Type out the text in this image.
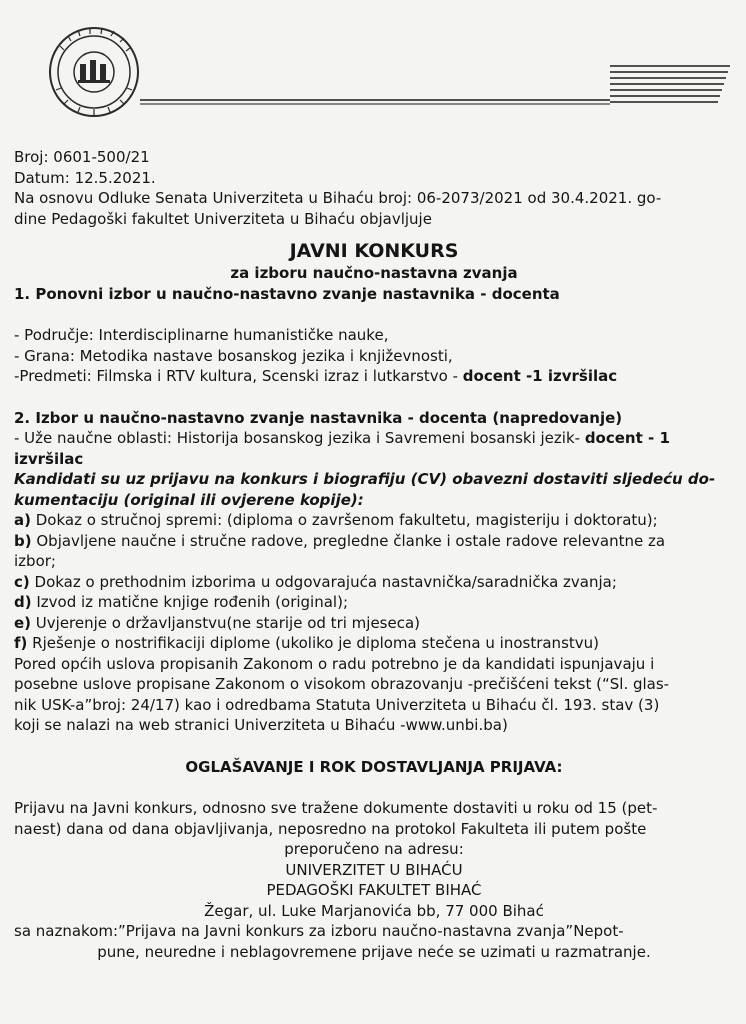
Broj: 0601-500/21
Datum: 12.5.2021.
Na osnovu Odluke Senata Univerziteta u Bihaću broj: 06-2073/2021 od 30.4.2021. go-
dine Pedagoški fakultet Univerziteta u Bihaću objavljuje
JAVNI KONKURS
za izboru naučno-nastavna zvanja
1. Ponovni izbor u naučno-nastavno zvanje nastavnika - docenta
- Područje: Interdisciplinarne humanističke nauke,
- Grana: Metodika nastave bosanskog jezika i književnosti,
-Predmeti: Filmska i RTV kultura, Scenski izraz i lutkarstvo - docent -1 izvršilac
2. Izbor u naučno-nastavno zvanje nastavnika - docenta (napredovanje)
- Uže naučne oblasti: Historija bosanskog jezika i Savremeni bosanski jezik- docent - 1
izvršilac
Kandidati su uz prijavu na konkurs i biografiju (CV) obavezni dostaviti sljedeću do-
kumentaciju (original ili ovjerene kopije):
a) Dokaz o stručnoj spremi: (diploma o završenom fakultetu, magisteriju i doktoratu);
b) Objavljene naučne i stručne radove, pregledne članke i ostale radove relevantne za
izbor;
c) Dokaz o prethodnim izborima u odgovarajuća nastavnička/saradnička zvanja;
d) Izvod iz matične knjige rođenih (original);
e) Uvjerenje o državljanstvu(ne starije od tri mjeseca)
f) Rješenje o nostrifikaciji diplome (ukoliko je diploma stečena u inostranstvu)
Pored općih uslova propisanih Zakonom o radu potrebno je da kandidati ispunjavaju i
posebne uslove propisane Zakonom o visokom obrazovanju -prečišćeni tekst (“Sl. glas-
nik USK-a”broj: 24/17) kao i odredbama Statuta Univerziteta u Bihaću čl. 193. stav (3)
koji se nalazi na web stranici Univerziteta u Bihaću -www.unbi.ba)
OGLAŠAVANJE I ROK DOSTAVLJANJA PRIJAVA:
Prijavu na Javni konkurs, odnosno sve tražene dokumente dostaviti u roku od 15 (pet-
naest) dana od dana objavljivanja, neposredno na protokol Fakulteta ili putem pošte
preporučeno na adresu:
UNIVERZITET U BIHAĆU
PEDAGOŠKI FAKULTET BIHAĆ
Žegar, ul. Luke Marjanovića bb, 77 000 Bihać
sa naznakom:”Prijava na Javni konkurs za izboru naučno-nastavna zvanja”Nepot-
pune, neuredne i neblagovremene prijave neće se uzimati u razmatranje.
